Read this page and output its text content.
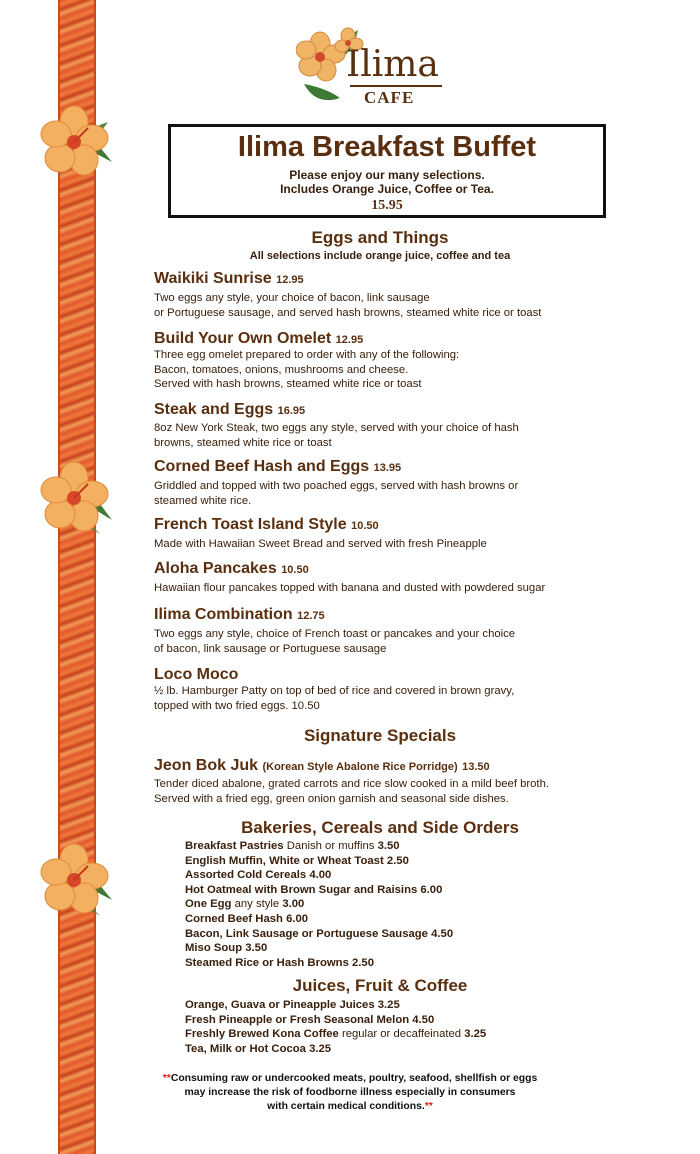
Ilima
CAFE
Ilima Breakfast Buffet
Please enjoy our many selections.
Includes Orange Juice, Coffee or Tea.
15.95
Eggs and Things
All selections include orange juice, coffee and tea
Waikiki Sunrise 12.95
Two eggs any style, your choice of bacon, link sausage
or Portuguese sausage, and served hash browns, steamed white rice or toast
Build Your Own Omelet 12.95
Three egg omelet prepared to order with any of the following:
Bacon, tomatoes, onions, mushrooms and cheese.
Served with hash browns, steamed white rice or toast
Steak and Eggs 16.95
8oz New York Steak, two eggs any style, served with your choice of hash
browns, steamed white rice or toast
Corned Beef Hash and Eggs 13.95
Griddled and topped with two poached eggs, served with hash browns or
steamed white rice.
French Toast Island Style 10.50
Made with Hawaiian Sweet Bread and served with fresh Pineapple
Aloha Pancakes 10.50
Hawaiian flour pancakes topped with banana and dusted with powdered sugar
Ilima Combination 12.75
Two eggs any style, choice of French toast or pancakes and your choice
of bacon, link sausage or Portuguese sausage
Loco Moco
½ lb. Hamburger Patty on top of bed of rice and covered in brown gravy,
topped with two fried eggs. 10.50
Signature Specials
Jeon Bok Juk (Korean Style Abalone Rice Porridge) 13.50
Tender diced abalone, grated carrots and rice slow cooked in a mild beef broth.
Served with a fried egg, green onion garnish and seasonal side dishes.
Bakeries, Cereals and Side Orders
Breakfast Pastries Danish or muffins 3.50
English Muffin, White or Wheat Toast 2.50
Assorted Cold Cereals 4.00
Hot Oatmeal with Brown Sugar and Raisins 6.00
One Egg any style 3.00
Corned Beef Hash 6.00
Bacon, Link Sausage or Portuguese Sausage 4.50
Miso Soup 3.50
Steamed Rice or Hash Browns 2.50
Juices, Fruit & Coffee
Orange, Guava or Pineapple Juices 3.25
Fresh Pineapple or Fresh Seasonal Melon 4.50
Freshly Brewed Kona Coffee regular or decaffeinated 3.25
Tea, Milk or Hot Cocoa 3.25
**Consuming raw or undercooked meats, poultry, seafood, shellfish or eggs
may increase the risk of foodborne illness especially in consumers
with certain medical conditions.**
